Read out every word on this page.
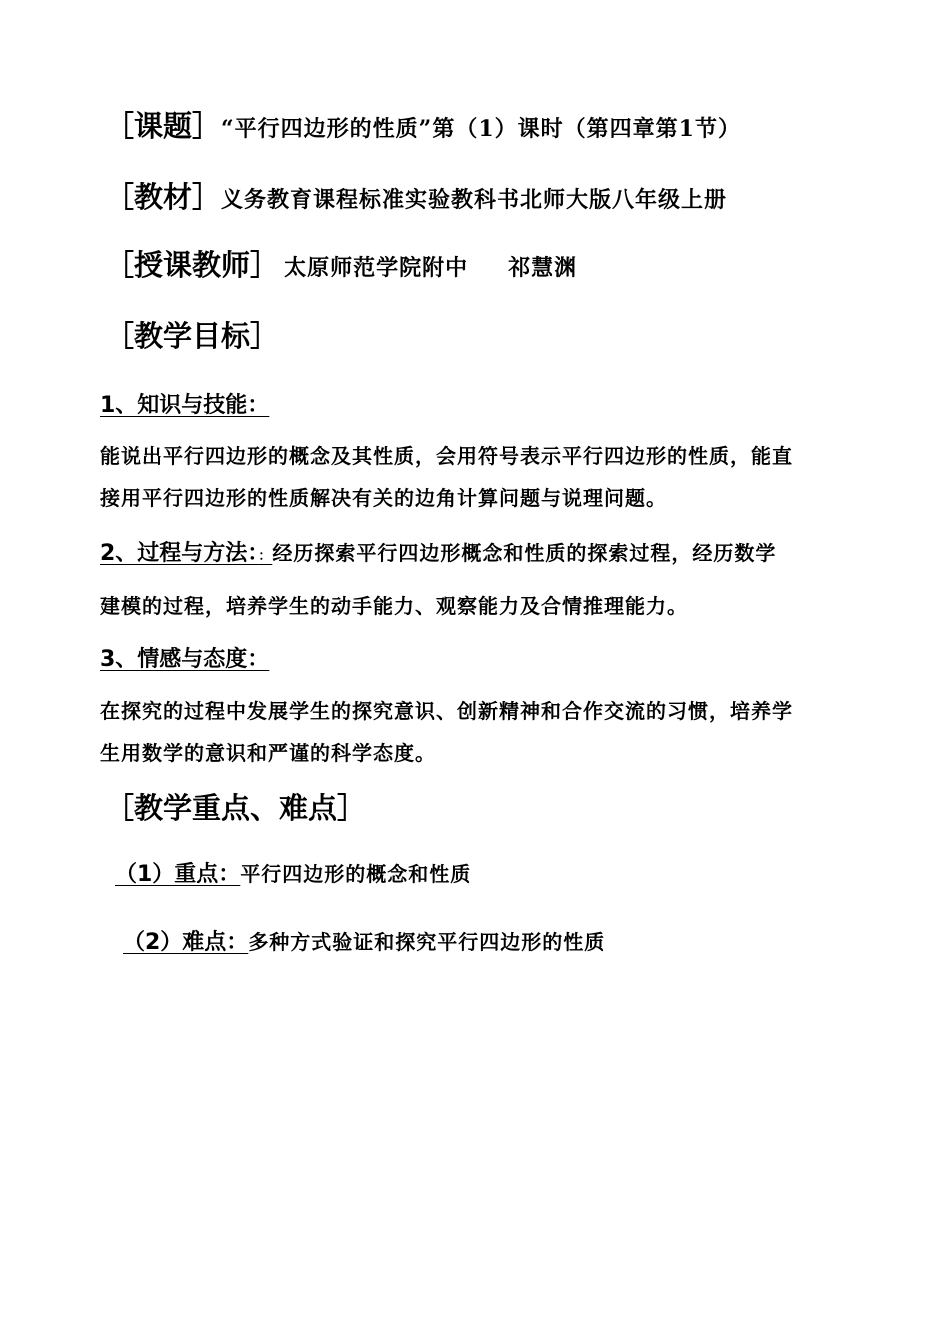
［课题］“平行四边形的性质”第（1）课时（第四章第1节）
［教材］义务教育课程标准实验教科书北师大版八年级上册
［授课教师］ 太原师范学院附中 祁慧渊
［教学目标］
1、知识与技能：
能说出平行四边形的概念及其性质，会用符号表示平行四边形的性质，能直
接用平行四边形的性质解决有关的边角计算问题与说理问题。
2、过程与方法：：经历探索平行四边形概念和性质的探索过程，经历数学
建模的过程，培养学生的动手能力、观察能力及合情推理能力。
3、情感与态度：
在探究的过程中发展学生的探究意识、创新精神和合作交流的习惯，培养学
生用数学的意识和严谨的科学态度。
［教学重点、难点］
（1）重点：平行四边形的概念和性质
（2）难点：多种方式验证和探究平行四边形的性质
